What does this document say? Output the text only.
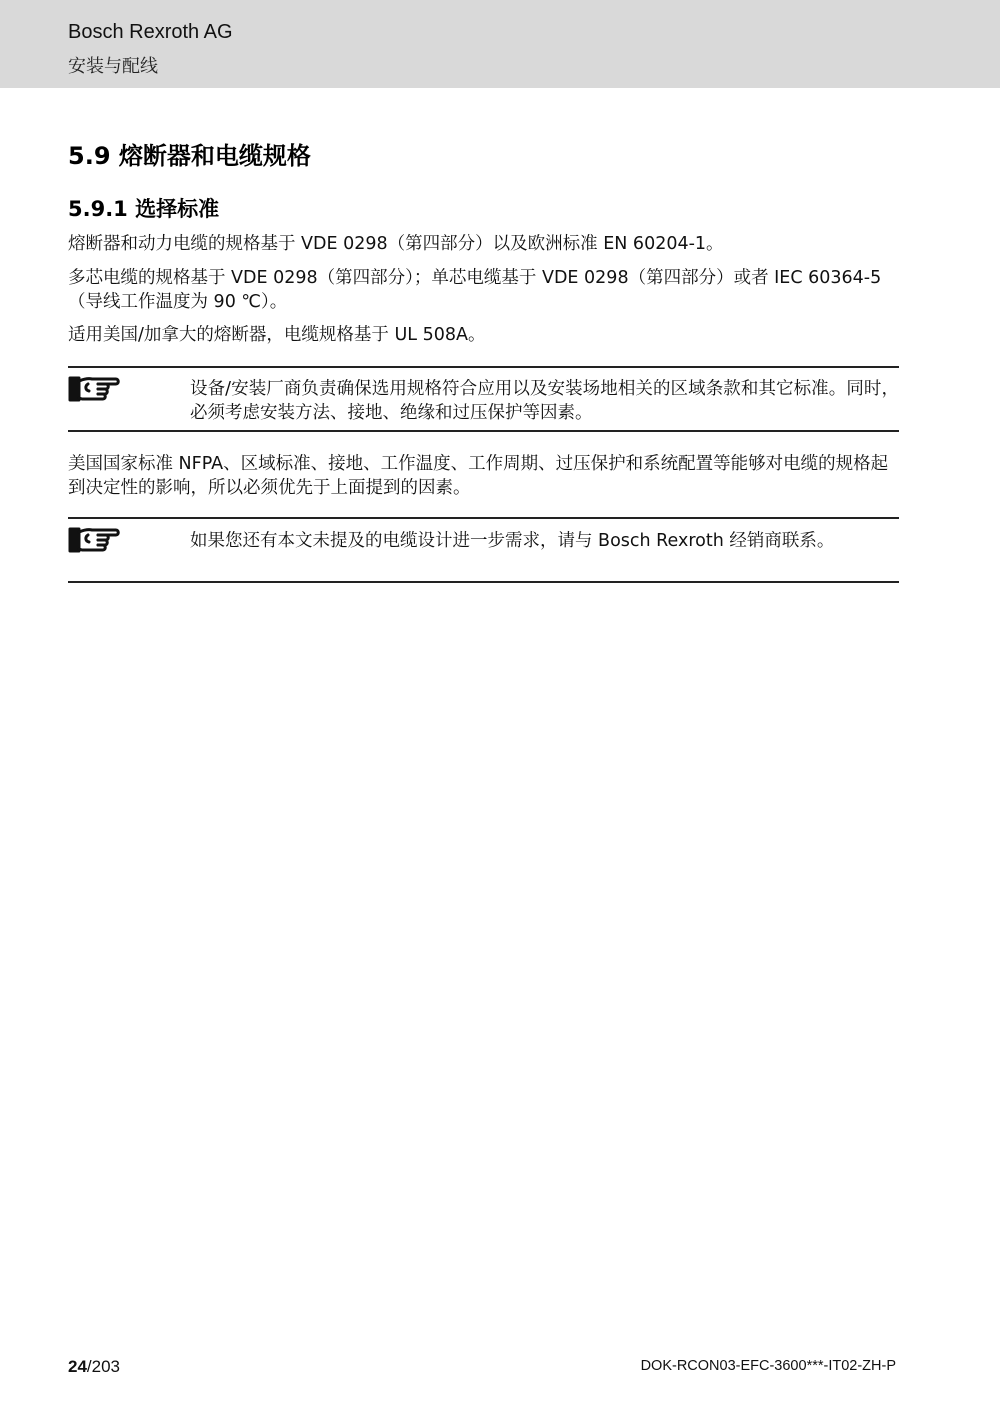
Bosch Rexroth AG
安装与配线
5.9 熔断器和电缆规格
5.9.1 选择标准
熔断器和动力电缆的规格基于 VDE 0298（第四部分）以及欧洲标准 EN 60204-1。
多芯电缆的规格基于 VDE 0298（第四部分）；单芯电缆基于 VDE 0298（第四部分）或者 IEC 60364-5（导线工作温度为 90 ℃）。
适用美国/加拿大的熔断器，电缆规格基于 UL 508A。
设备/安装厂商负责确保选用规格符合应用以及安装场地相关的区域条款和其它标准。同时，必须考虑安装方法、接地、绝缘和过压保护等因素。
美国国家标准 NFPA、区域标准、接地、工作温度、工作周期、过压保护和系统配置等能够对电缆的规格起到决定性的影响，所以必须优先于上面提到的因素。
如果您还有本文未提及的电缆设计进一步需求，请与 Bosch Rexroth 经销商联系。
24/203	DOK-RCON03-EFC-3600***-IT02-ZH-P
